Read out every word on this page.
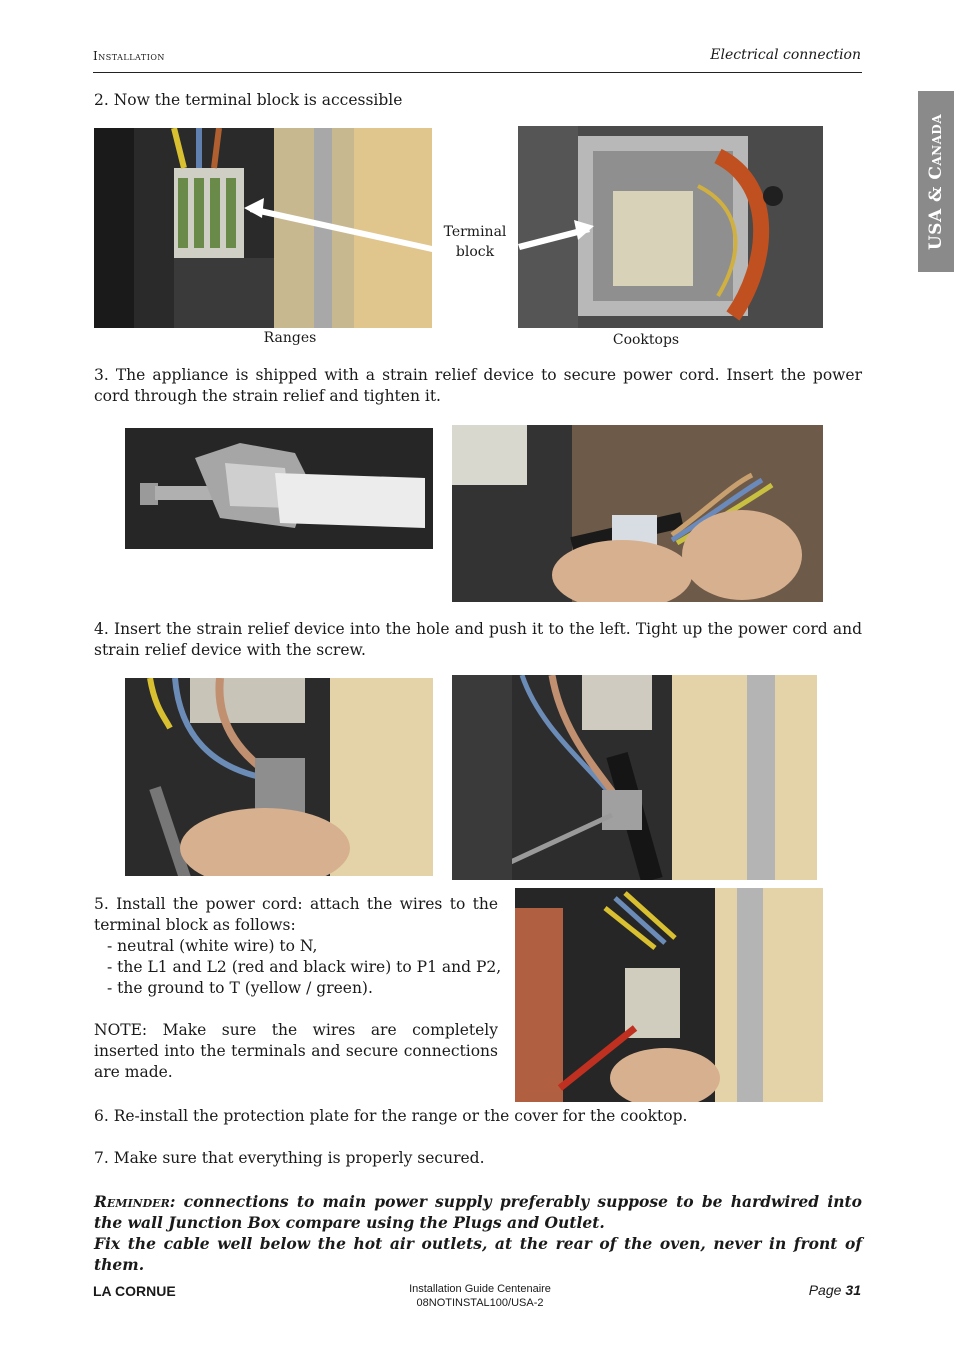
Installation	Electrical connection
USA & Canada
2. Now the terminal block is accessible
Terminal
block
Ranges	Cooktops
3. The appliance is shipped with a strain relief device to secure power cord. Insert the power cord through the strain relief and tighten it.
4. Insert the strain relief device into the hole and push it to the left. Tight up the power cord and strain relief device with the screw.
5. Install the power cord: attach the wires to the terminal block as follows:
- neutral (white wire) to N,
- the L1 and L2 (red and black wire) to P1 and P2,
- the ground to T (yellow / green).
NOTE: Make sure the wires are completely inserted into the terminals and secure connections are made.
6. Re-install the protection plate for the range or the cover for the cooktop.
7. Make sure that everything is properly secured.
Reminder: connections to main power supply preferably suppose to be hardwired into the wall Junction Box compare using the Plugs and Outlet.
Fix the cable well below the hot air outlets, at the rear of the oven, never in front of them.
LA CORNUE	Installation Guide Centenaire
08NOTINSTAL100/USA-2
Page 31
